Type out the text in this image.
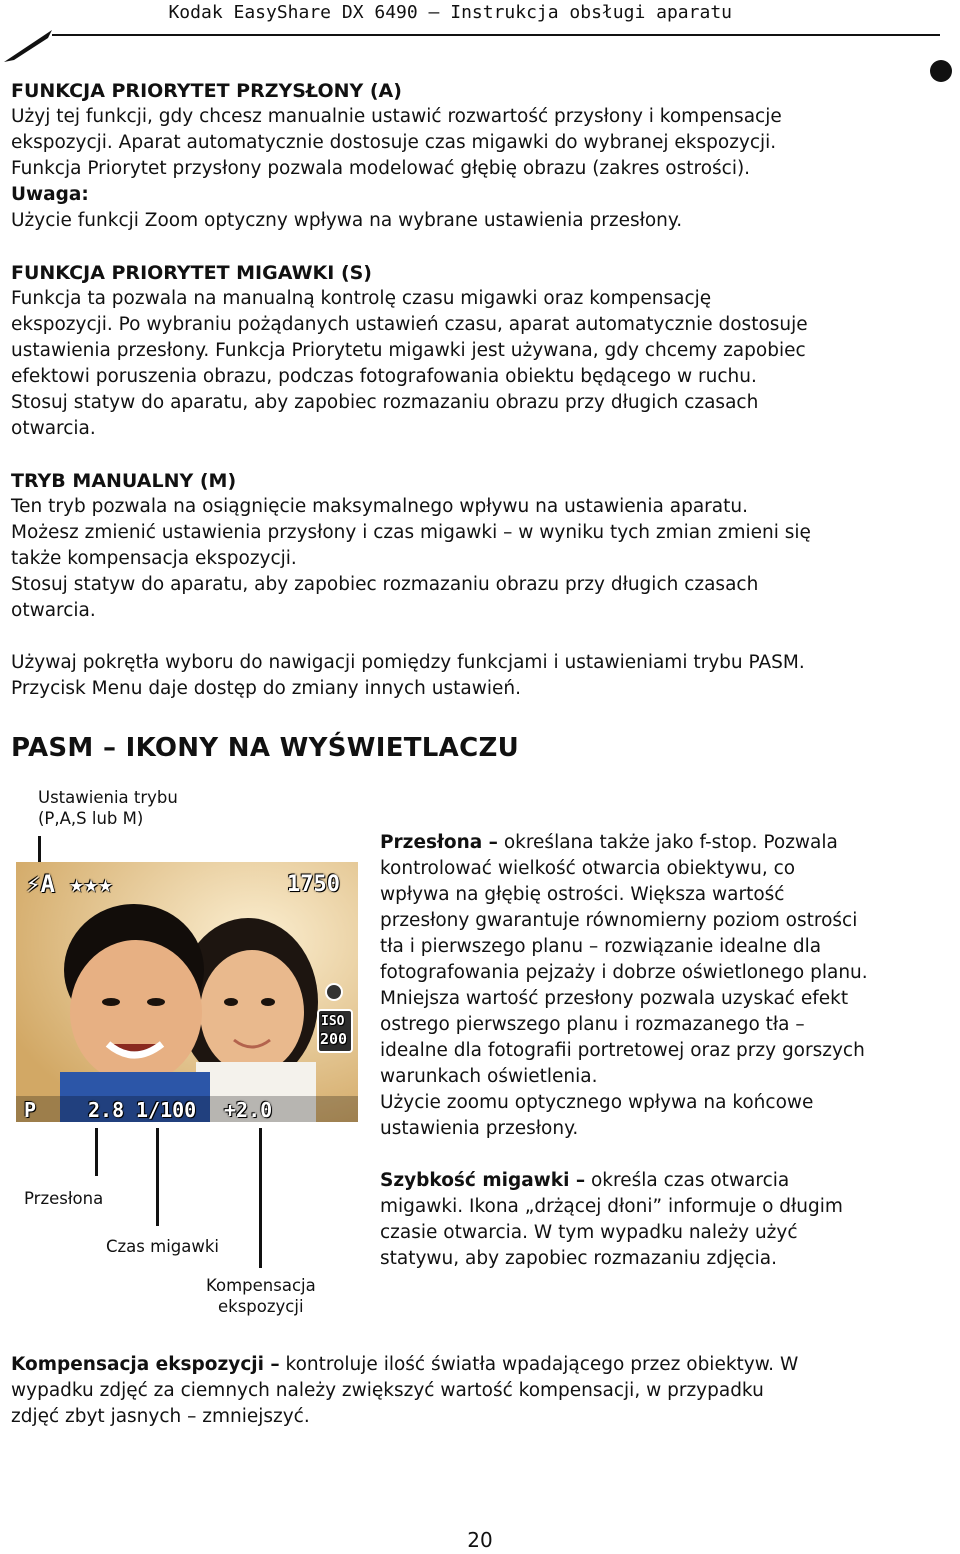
Kodak EasyShare DX 6490 – Instrukcja obsługi aparatu

FUNKCJA PRIORYTET PRZYSŁONY (A)

Użyj tej funkcji, gdy chcesz manualnie ustawić rozwartość przysłony i kompensacje

ekspozycji. Aparat automatycznie dostosuje czas migawki do wybranej ekspozycji.

Funkcja Priorytet przysłony pozwala modelować głębię obrazu (zakres ostrości).

Uwaga:

Użycie funkcji Zoom optyczny wpływa na wybrane ustawienia przesłony.

FUNKCJA PRIORYTET MIGAWKI (S)

Funkcja ta pozwala na manualną kontrolę czasu migawki oraz kompensację

ekspozycji. Po wybraniu pożądanych ustawień czasu, aparat automatycznie dostosuje

ustawienia przesłony. Funkcja Priorytetu migawki jest używana, gdy chcemy zapobiec

efektowi poruszenia obrazu, podczas fotografowania obiektu będącego w ruchu.

Stosuj statyw do aparatu, aby zapobiec rozmazaniu obrazu przy długich czasach

otwarcia.

TRYB MANUALNY (M)

Ten tryb pozwala na osiągnięcie maksymalnego wpływu na ustawienia aparatu.

Możesz zmienić ustawienia przysłony i czas migawki – w wyniku tych zmian zmieni się

także kompensacja ekspozycji.

Stosuj statyw do aparatu, aby zapobiec rozmazaniu obrazu przy długich czasach

otwarcia.

Używaj pokrętła wyboru do nawigacji pomiędzy funkcjami i ustawieniami trybu PASM.

Przycisk Menu daje dostęp do zmiany innych ustawień.

PASM – IKONY NA WYŚWIETLACZU
Ustawienia trybu
(P,A,S lub M)
⚡A ★★★	1750
ISO
200
P	2.8 1/100 +2.0
Przesłona
Czas migawki
Kompensacja
ekspozycji

Przesłona – określana także jako f-stop. Pozwala

kontrolować wielkość otwarcia obiektywu, co

wpływa na głębię ostrości. Większa wartość

przesłony gwarantuje równomierny poziom ostrości

tła i pierwszego planu – rozwiązanie idealne dla

fotografowania pejzaży i dobrze oświetlonego planu.

Mniejsza wartość przesłony pozwala uzyskać efekt

ostrego pierwszego planu i rozmazanego tła –

idealne dla fotografii portretowej oraz przy gorszych

warunkach oświetlenia.

Użycie zoomu optycznego wpływa na końcowe

ustawienia przesłony.

Szybkość migawki – określa czas otwarcia

migawki. Ikona „drżącej dłoni” informuje o długim

czasie otwarcia. W tym wypadku należy użyć

statywu, aby zapobiec rozmazaniu zdjęcia.

Kompensacja ekspozycji – kontroluje ilość światła wpadającego przez obiektyw. W

wypadku zdjęć za ciemnych należy zwiększyć wartość kompensacji, w przypadku

zdjęć zbyt jasnych – zmniejszyć.

20
